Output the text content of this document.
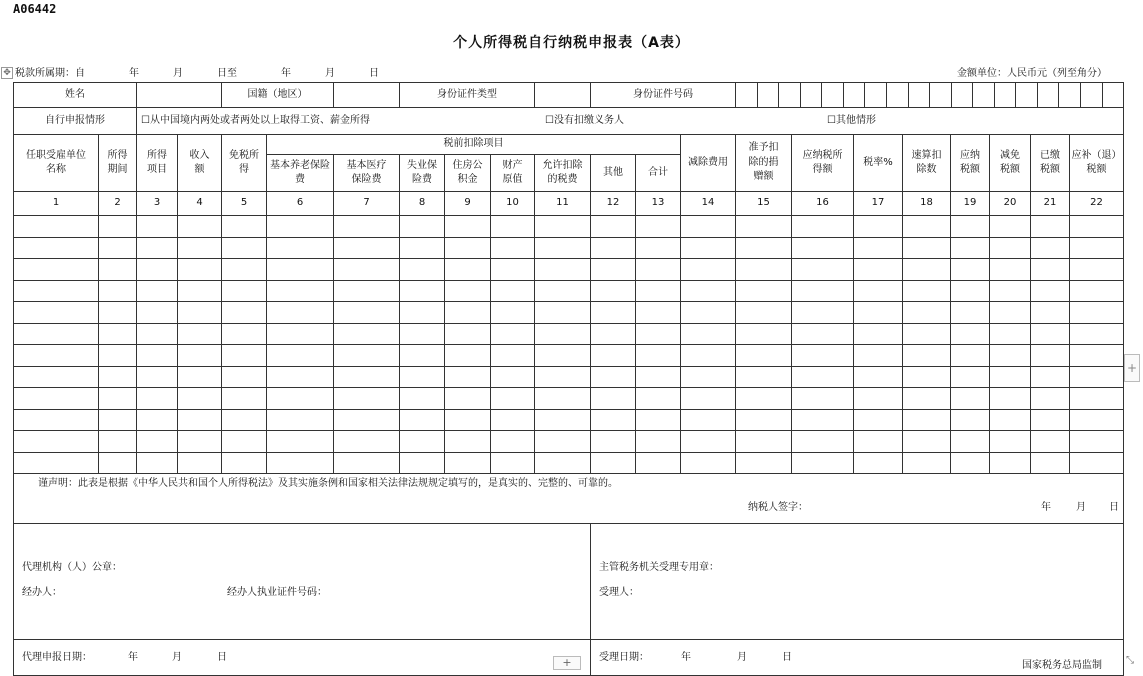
A06442
个人所得税自行纳税申报表（A表）
✥ 税款所属期：自	年	月	日至	年	月	日	金额单位：人民币元（列至角分）
姓名				国籍（地区）			身份证件类型				身份证件号码										

自行申报情形		☐从中国境内两处或者两处以上取得工资、薪金所得 ☐没有扣缴义务人 ☐其他情形																			

任职受雇单位名称	所得期间	所得项目	收入额	免税所得	税前扣除项目								减除费用	准予扣除的捐赠额	应纳税所得额	税率%	速算扣除数	应纳税额	减免税额	已缴税额	应补（退）税额
					基本养老保险费	基本医疗保险费	失业保险费	住房公积金	财产原值	允许扣除的税费	其他	合计									
1	2	3	4	5	6	7	8	9	10	11	12	13	14	15	16	17	18	19	20	21	22

谨声明：此表是根据《中华人民共和国个人所得税法》及其实施条例和国家相关法律法规规定填写的，是真实的、完整的、可靠的。
纳税人签字： 年 月 日																					

代理机构（人）公章：
经办人： 经办人执业证件号码：											主管税务机关受理专用章：
受理人：										

代理申报日期： 年 月 日											受理日期： 年 月 日										
+
+	⤡
国家税务总局监制
